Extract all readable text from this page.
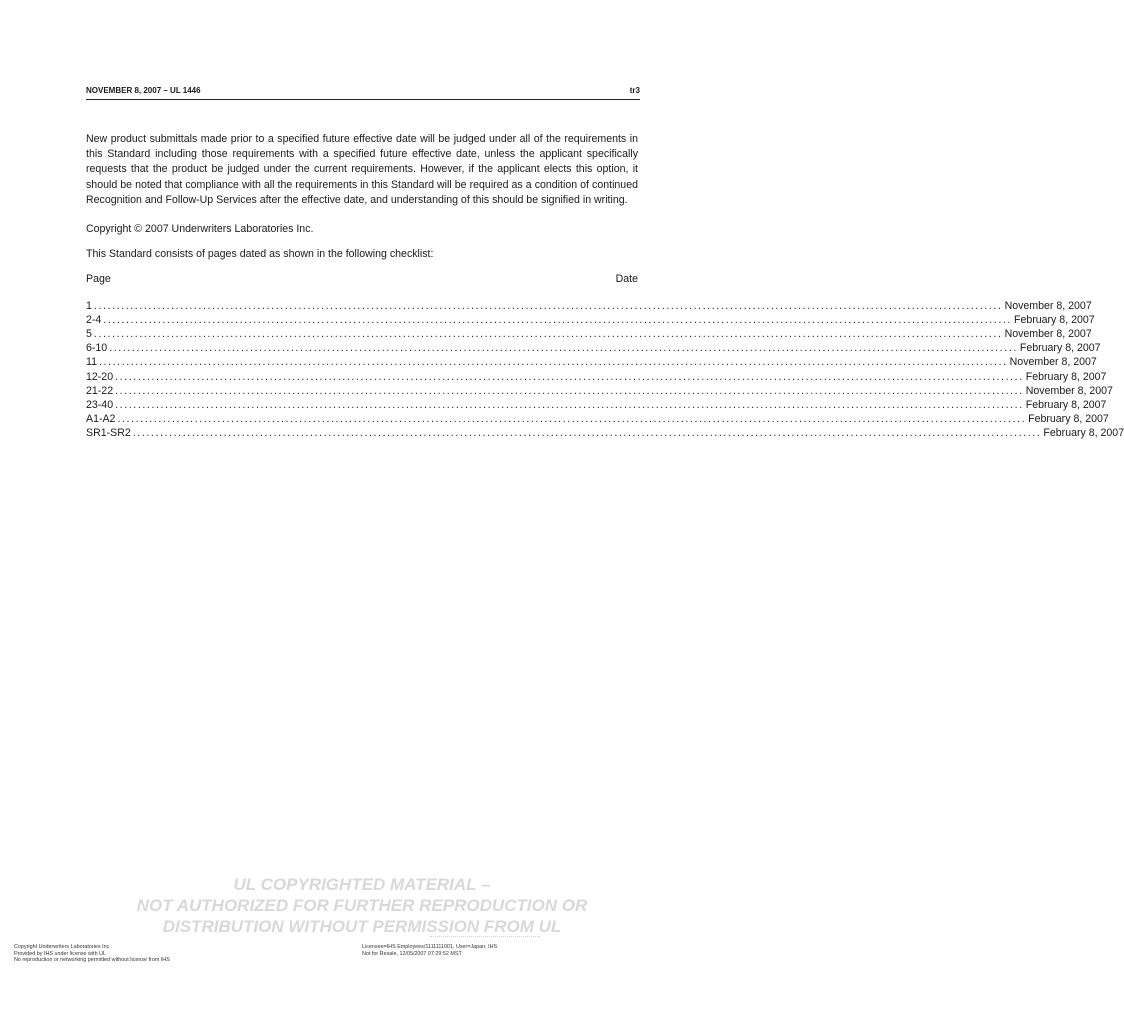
NOVEMBER 8, 2007 – UL 1446	tr3

New product submittals made prior to a specified future effective date will be judged under all of the requirements in this Standard including those requirements with a specified future effective date, unless the applicant specifically requests that the product be judged under the current requirements. However, if the applicant elects this option, it should be noted that compliance with all the requirements in this Standard will be required as a condition of continued Recognition and Follow-Up Services after the effective date, and understanding of this should be signified in writing.

Copyright © 2007 Underwriters Laboratories Inc.

This Standard consists of pages dated as shown in the following checklist:

Page	Date
1 ........................................................................................................................................................................................................ November 8, 2007
2-4 ........................................................................................................................................................................................................ February 8, 2007
5 ........................................................................................................................................................................................................ November 8, 2007
6-10 ........................................................................................................................................................................................................ February 8, 2007
11 ........................................................................................................................................................................................................ November 8, 2007
12-20 ........................................................................................................................................................................................................ February 8, 2007
21-22 ........................................................................................................................................................................................................ November 8, 2007
23-40 ........................................................................................................................................................................................................ February 8, 2007
A1-A2 ........................................................................................................................................................................................................ February 8, 2007
SR1-SR2 ........................................................................................................................................................................................................ February 8, 2007
UL COPYRIGHTED MATERIAL –
NOT AUTHORIZED FOR FURTHER REPRODUCTION OR
DISTRIBUTION WITHOUT PERMISSION FROM UL
Copyright Underwriters Laboratories Inc.
Provided by IHS under license with UL
No reproduction or networking permitted without license from IHS
Licensee=IHS Employees/1111111001, User=Japan, IHS
Not for Resale, 12/05/2007 07:29:52 MST
